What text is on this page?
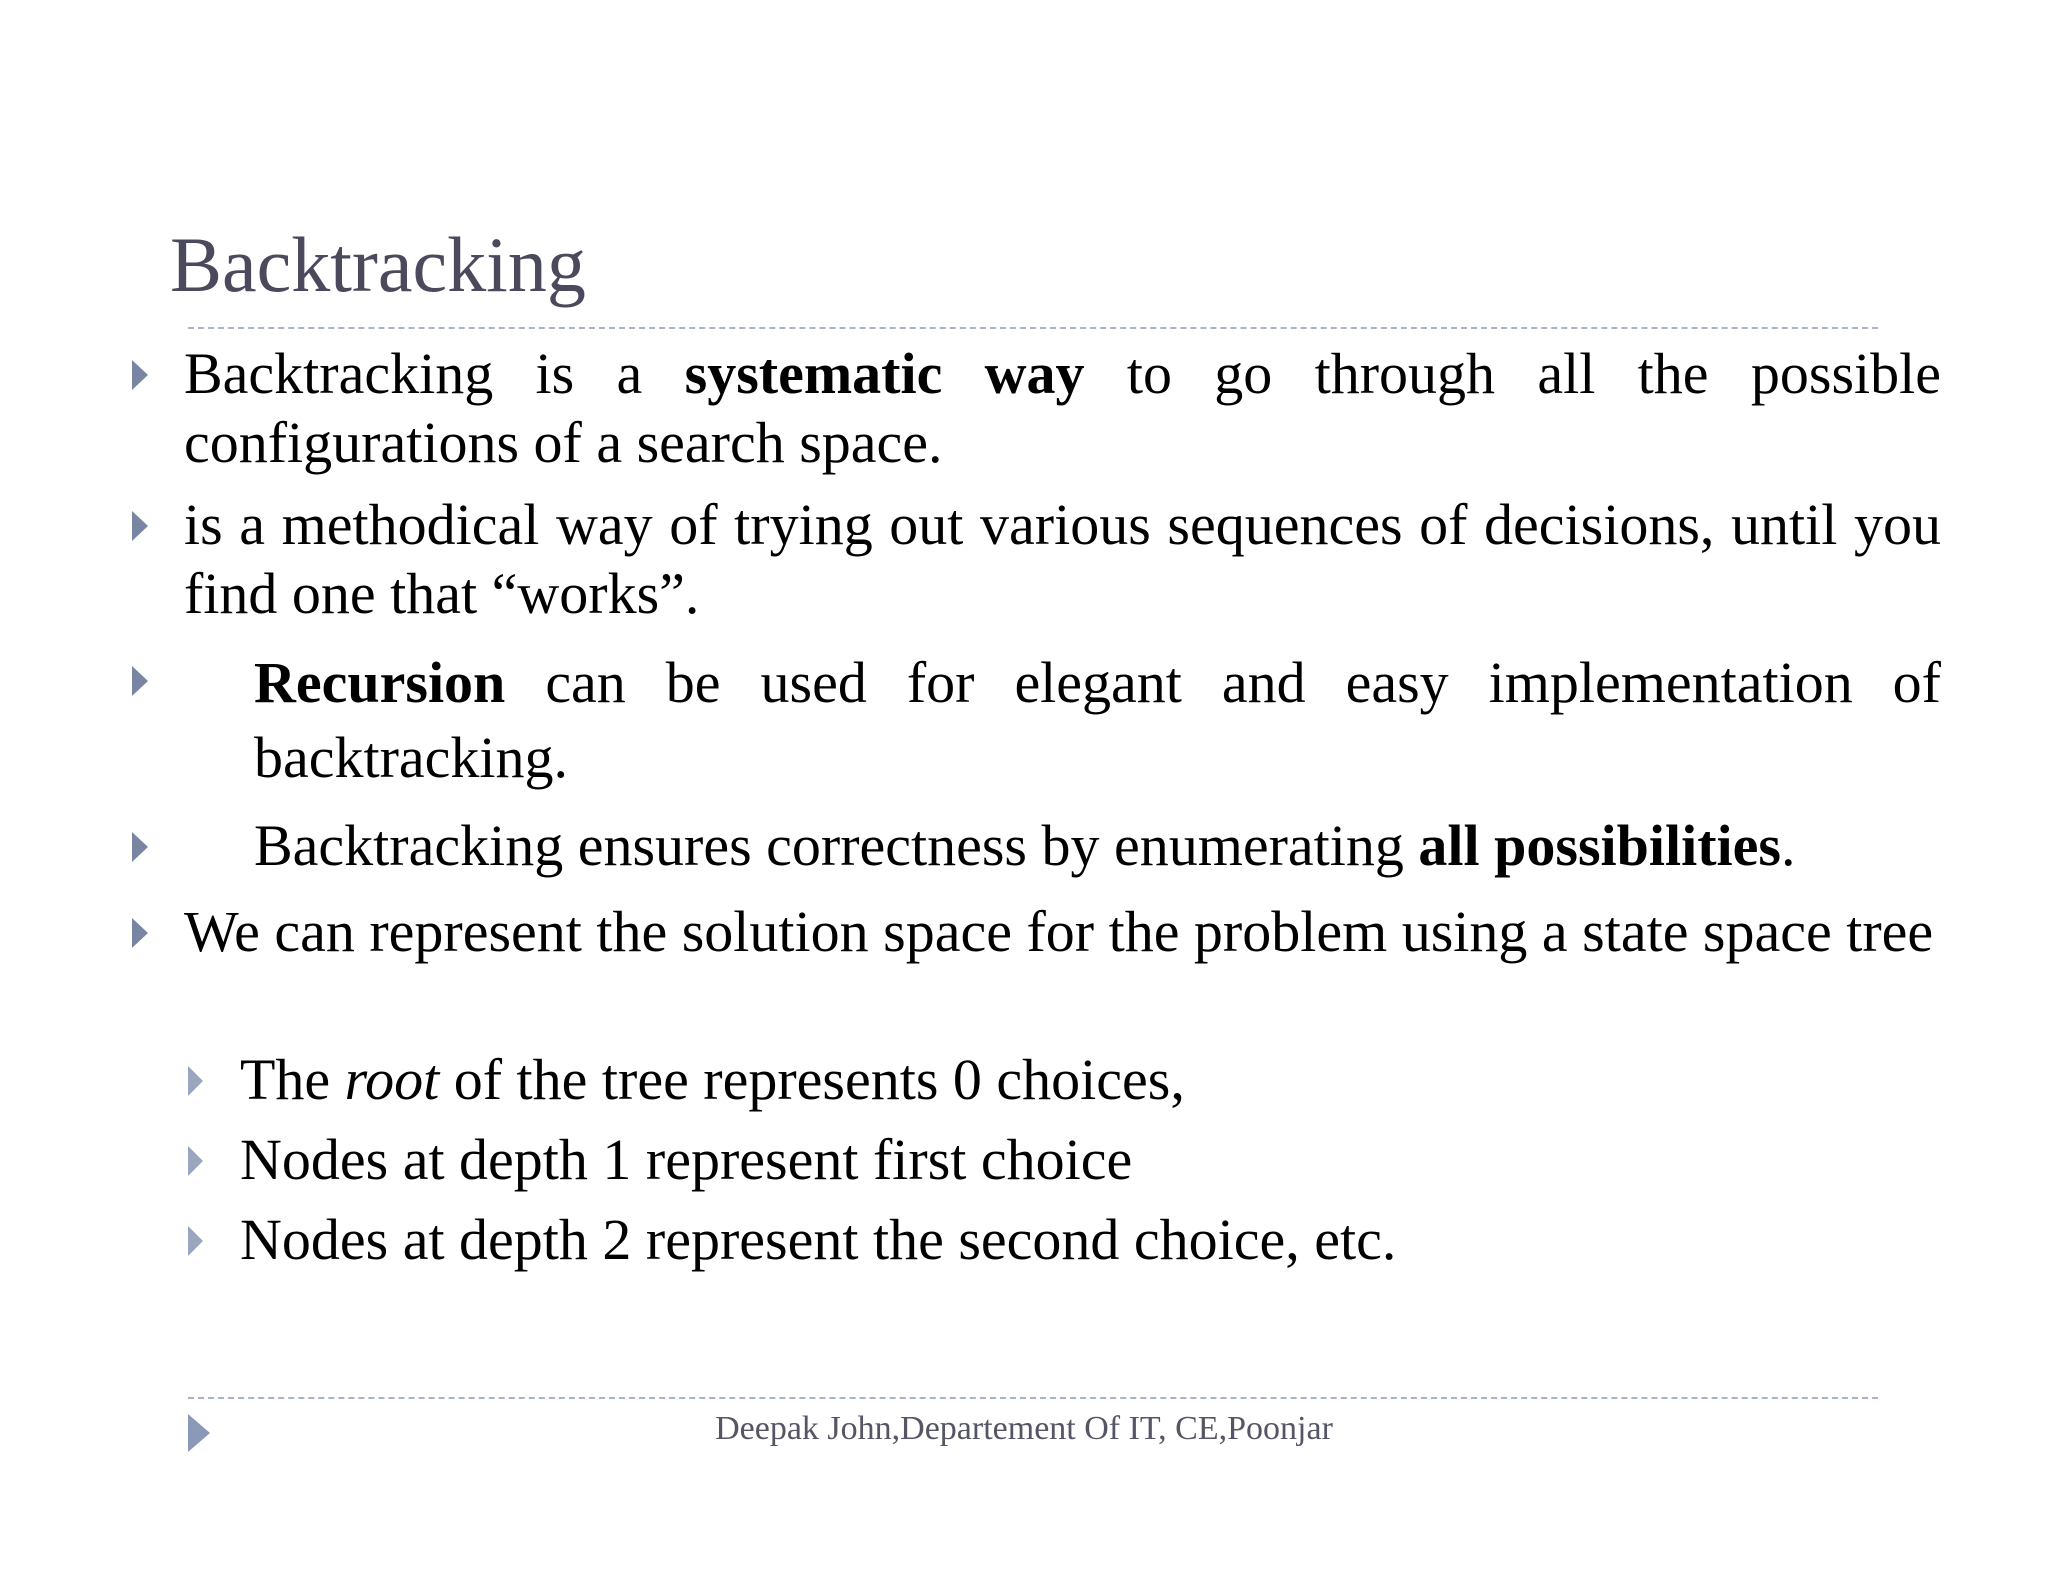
Backtracking
Backtracking is a systematic way to go through all the possible configurations of a search space.
is a methodical way of trying out various sequences of decisions, until you find one that “works”.
Recursion can be used for elegant and easy implementation of backtracking.
Backtracking ensures correctness by enumerating all possibilities.
We can represent the solution space for the problem using a state space tree
The root of the tree represents 0 choices,
Nodes at depth 1 represent first choice
Nodes at depth 2 represent the second choice, etc.
Deepak John,Departement Of IT, CE,Poonjar
